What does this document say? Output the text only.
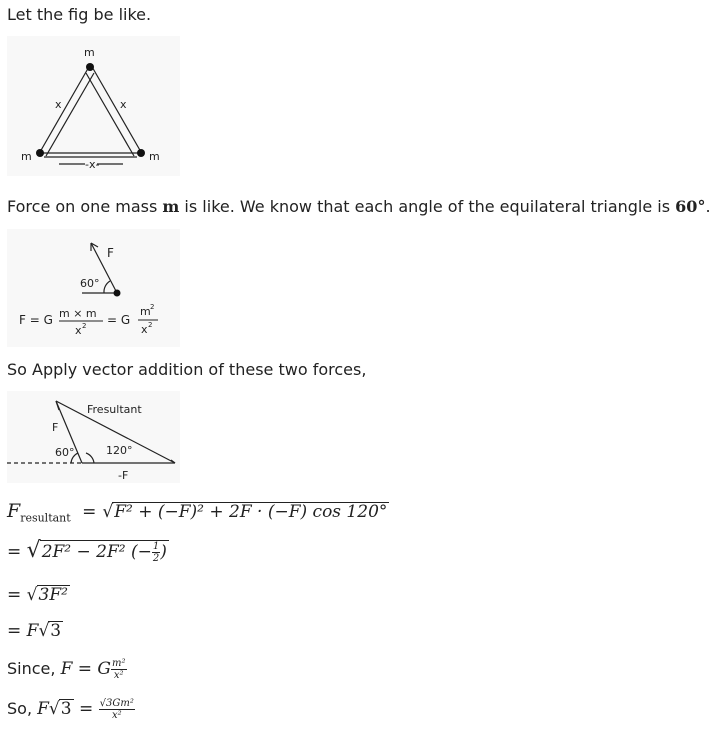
Let the fig be like.
m
m	m
x	x
-x-
Force on one mass m is like. We know that each angle of the equilateral triangle is 60°.
F
60°
F = G m × m
x 2 = G
m 2
x 2
So Apply vector addition of these two forces,
Fresultant
F
60°	120°
-F
$F_{resultant} = √F^2 + (-F)^2 + 2F \cdot (-F)$ cos 120°
= √2F² − 2F² (− $\frac{1}{2}$ )
= √3F²
= F√3
Since, F = G $\frac{\text{m²}}{\text{x²}}$
So, $F√3 = \frac{\text{√3Gm²}}{\text{x²}}$
